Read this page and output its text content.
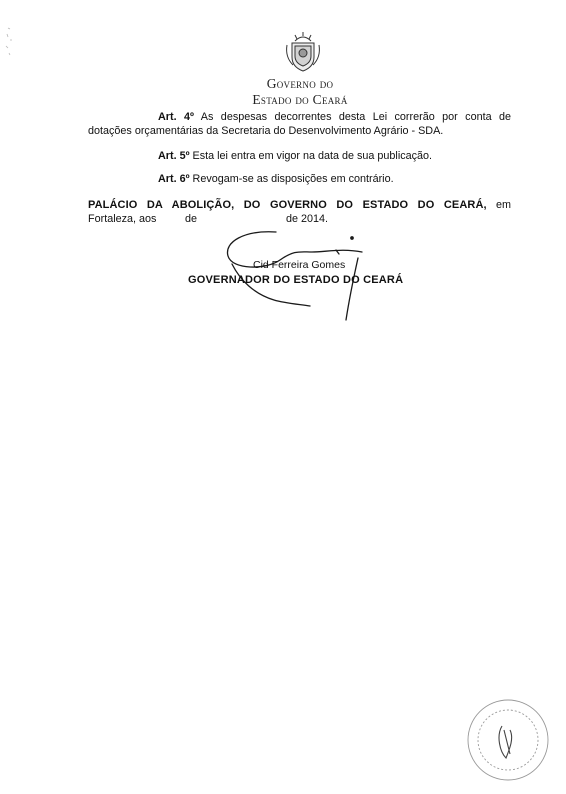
Governo do
Estado do Ceará
Art. 4º As despesas decorrentes desta Lei correrão por conta de
dotações orçamentárias da Secretaria do Desenvolvimento Agrário - SDA.
Art. 5º Esta lei entra em vigor na data de sua publicação.
Art. 6º Revogam-se as disposições em contrário.
PALÁCIO DA ABOLIÇÃO, DO GOVERNO DO ESTADO DO CEARÁ, em
Fortaleza, aos	de	de 2014.
Cid Ferreira Gomes
GOVERNADOR DO ESTADO DO CEARÁ
